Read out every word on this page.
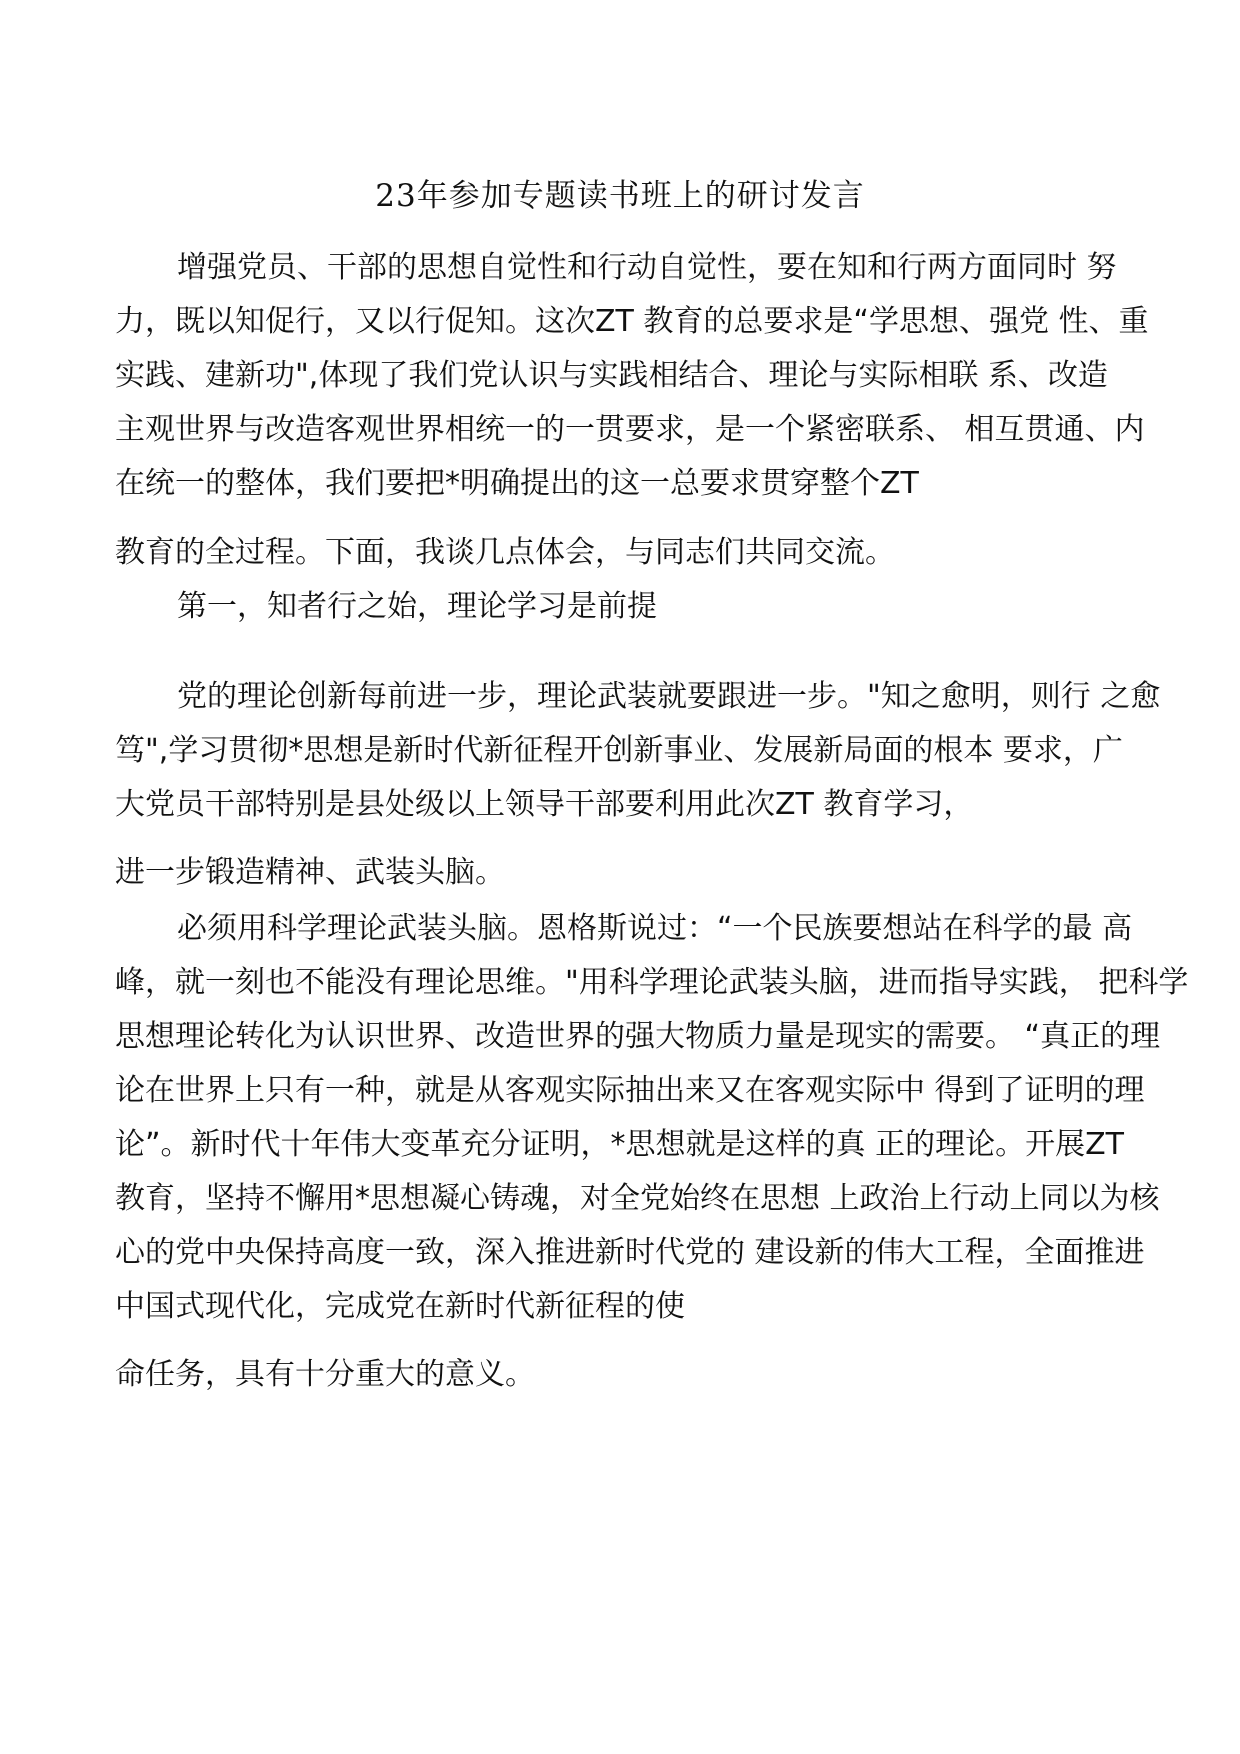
23年参加专题读书班上的研讨发言
增强党员、干部的思想自觉性和行动自觉性，要在知和行两方面同时 努
力，既以知促行，又以行促知。这次ZT 教育的总要求是“学思想、强党 性、重
实践、建新功",体现了我们党认识与实践相结合、理论与实际相联 系、改造
主观世界与改造客观世界相统一的一贯要求，是一个紧密联系、 相互贯通、内
在统一的整体，我们要把*明确提出的这一总要求贯穿整个ZT
教育的全过程。下面，我谈几点体会，与同志们共同交流。
第一，知者行之始，理论学习是前提
党的理论创新每前进一步，理论武装就要跟进一步。"知之愈明，则行 之愈
笃",学习贯彻*思想是新时代新征程开创新事业、发展新局面的根本 要求，广
大党员干部特别是县处级以上领导干部要利用此次ZT 教育学习，
进一步锻造精神、武装头脑。
必须用科学理论武装头脑。恩格斯说过：“一个民族要想站在科学的最 高
峰，就一刻也不能没有理论思维。"用科学理论武装头脑，进而指导实践， 把科学
思想理论转化为认识世界、改造世界的强大物质力量是现实的需要。 “真正的理
论在世界上只有一种，就是从客观实际抽出来又在客观实际中 得到了证明的理
论”。新时代十年伟大变革充分证明，*思想就是这样的真 正的理论。开展ZT
教育，坚持不懈用*思想凝心铸魂，对全党始终在思想 上政治上行动上同以为核
心的党中央保持高度一致，深入推进新时代党的 建设新的伟大工程，全面推进
中国式现代化，完成党在新时代新征程的使
命任务，具有十分重大的意义。
